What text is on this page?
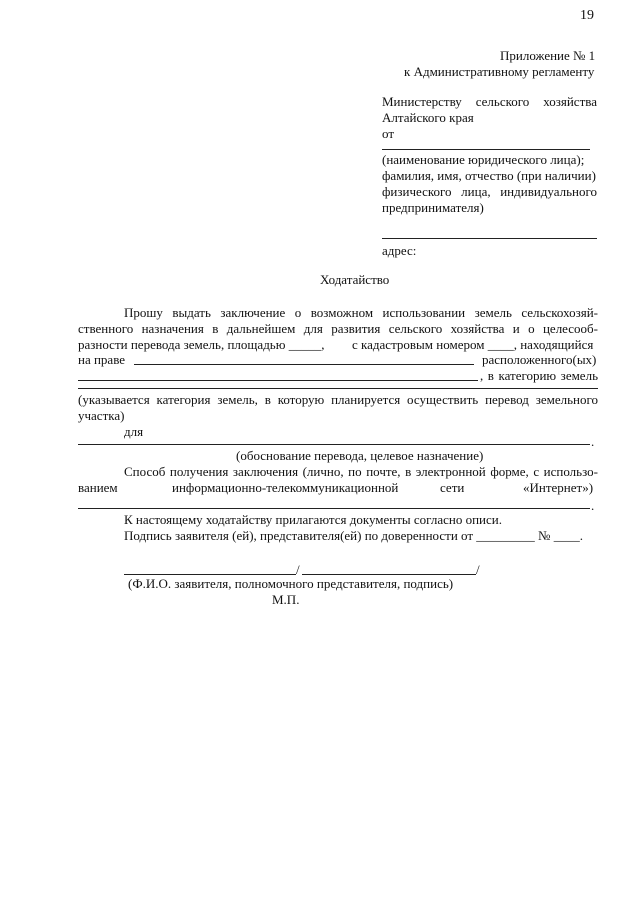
19
Приложение № 1
к Административному регламенту
Министерству сельского хозяйства
Алтайского края
от
(наименование юридического лица);
фамилия, имя, отчество (при наличии)
физического лица, индивидуального
предпринимателя)
адрес:
Ходатайство
Прошу выдать заключение о возможном использовании земель сельскохозяй-
ственного назначения в дальнейшем для развития сельского хозяйства и о целесооб-
разности перевода земель, площадью _____, с кадастровым номером ____, находящийся
на праве	расположенного(ых)
, в категорию земель
(указывается категория земель, в которую планируется осуществить перевод земельного
участка)
для
.
(обоснование перевода, целевое назначение)
Способ получения заключения (лично, по почте, в электронной форме, с использо-
ванием	информационно-телекоммуникационной	сети	«Интернет»)
.
К настоящему ходатайству прилагаются документы согласно описи.
Подпись заявителя (ей), представителя(ей) по доверенности от _________ № ____.
/	/
(Ф.И.О. заявителя, полномочного представителя, подпись)
М.П.
